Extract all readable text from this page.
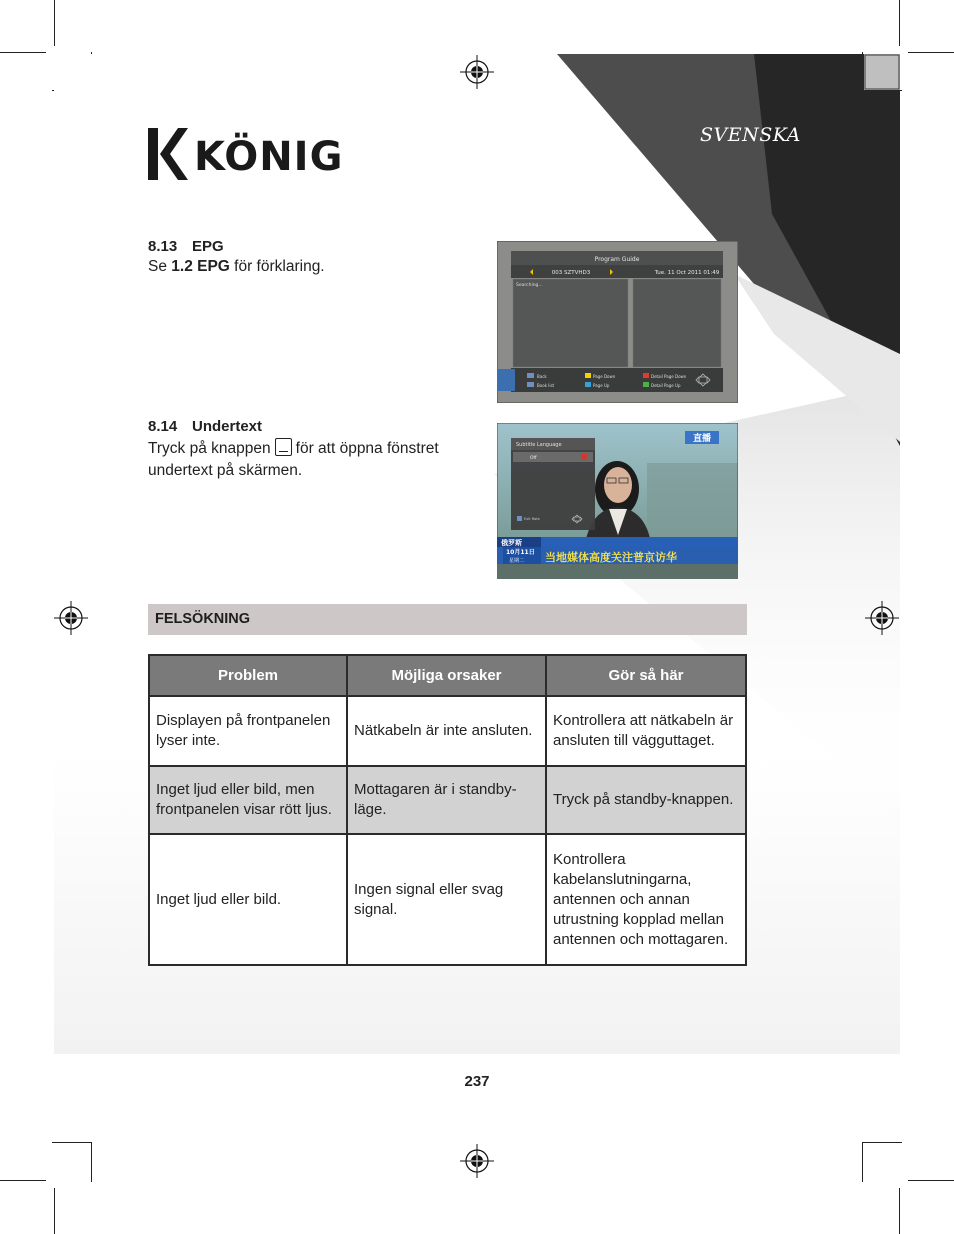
KÖNIG	SVENSKA
8.13 EPG
Se 1.2 EPG för förklaring.	Program Guide
003 SZTVHD3	Tue. 11 Oct 2011 01:49
Searching...
Back	Page Down	Detail Page Down
Book list	Page Up	Detail Page Up
8.14 Undertext
Tryck på knappen för att öppna fönstret
undertext på skärmen.
Subtitle Language
Off
Exit Rate
直播
俄罗斯
10月11日
星期二 当地媒体高度关注普京访华
FELSÖKNING
Problem	Möjliga orsaker	Gör så här
Displayen på frontpanelen lyser inte.	Nätkabeln är inte ansluten.	Kontrollera att nätkabeln är ansluten till vägguttaget.
Inget ljud eller bild, men frontpanelen visar rött ljus.	Mottagaren är i standby-läge.	Tryck på standby-knappen.
Inget ljud eller bild.	Ingen signal eller svag signal.	Kontrollera kabelanslutningarna, antennen och annan utrustning kopplad mellan antennen och mottagaren.
237
